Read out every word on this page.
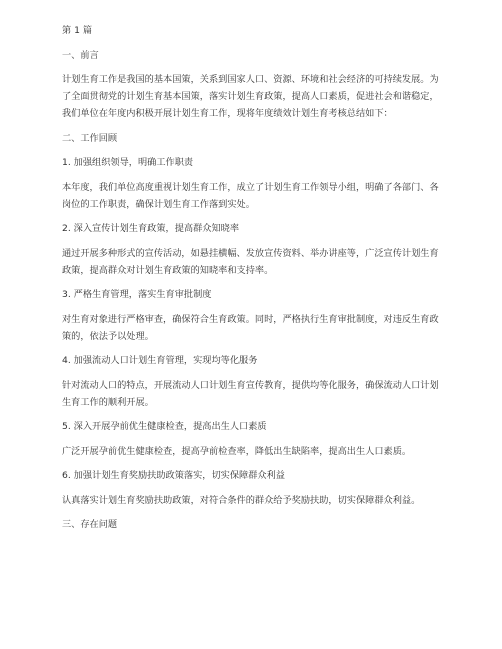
第 1 篇

一、前言

计划生育工作是我国的基本国策，关系到国家人口、资源、环境和社会经济的可持续发展。为了全面贯彻党的计划生育基本国策，落实计划生育政策，提高人口素质，促进社会和谐稳定，我们单位在年度内积极开展计划生育工作，现将年度绩效计划生育考核总结如下：

二、工作回顾

1. 加强组织领导，明确工作职责

本年度，我们单位高度重视计划生育工作，成立了计划生育工作领导小组，明确了各部门、各岗位的工作职责，确保计划生育工作落到实处。

2. 深入宣传计划生育政策，提高群众知晓率

通过开展多种形式的宣传活动，如悬挂横幅、发放宣传资料、举办讲座等，广泛宣传计划生育政策，提高群众对计划生育政策的知晓率和支持率。

3. 严格生育管理，落实生育审批制度

对生育对象进行严格审查，确保符合生育政策。同时，严格执行生育审批制度，对违反生育政策的，依法予以处理。

4. 加强流动人口计划生育管理，实现均等化服务

针对流动人口的特点，开展流动人口计划生育宣传教育，提供均等化服务，确保流动人口计划生育工作的顺利开展。

5. 深入开展孕前优生健康检查，提高出生人口素质

广泛开展孕前优生健康检查，提高孕前检查率，降低出生缺陷率，提高出生人口素质。

6. 加强计划生育奖励扶助政策落实，切实保障群众利益

认真落实计划生育奖励扶助政策，对符合条件的群众给予奖励扶助，切实保障群众利益。

三、存在问题
